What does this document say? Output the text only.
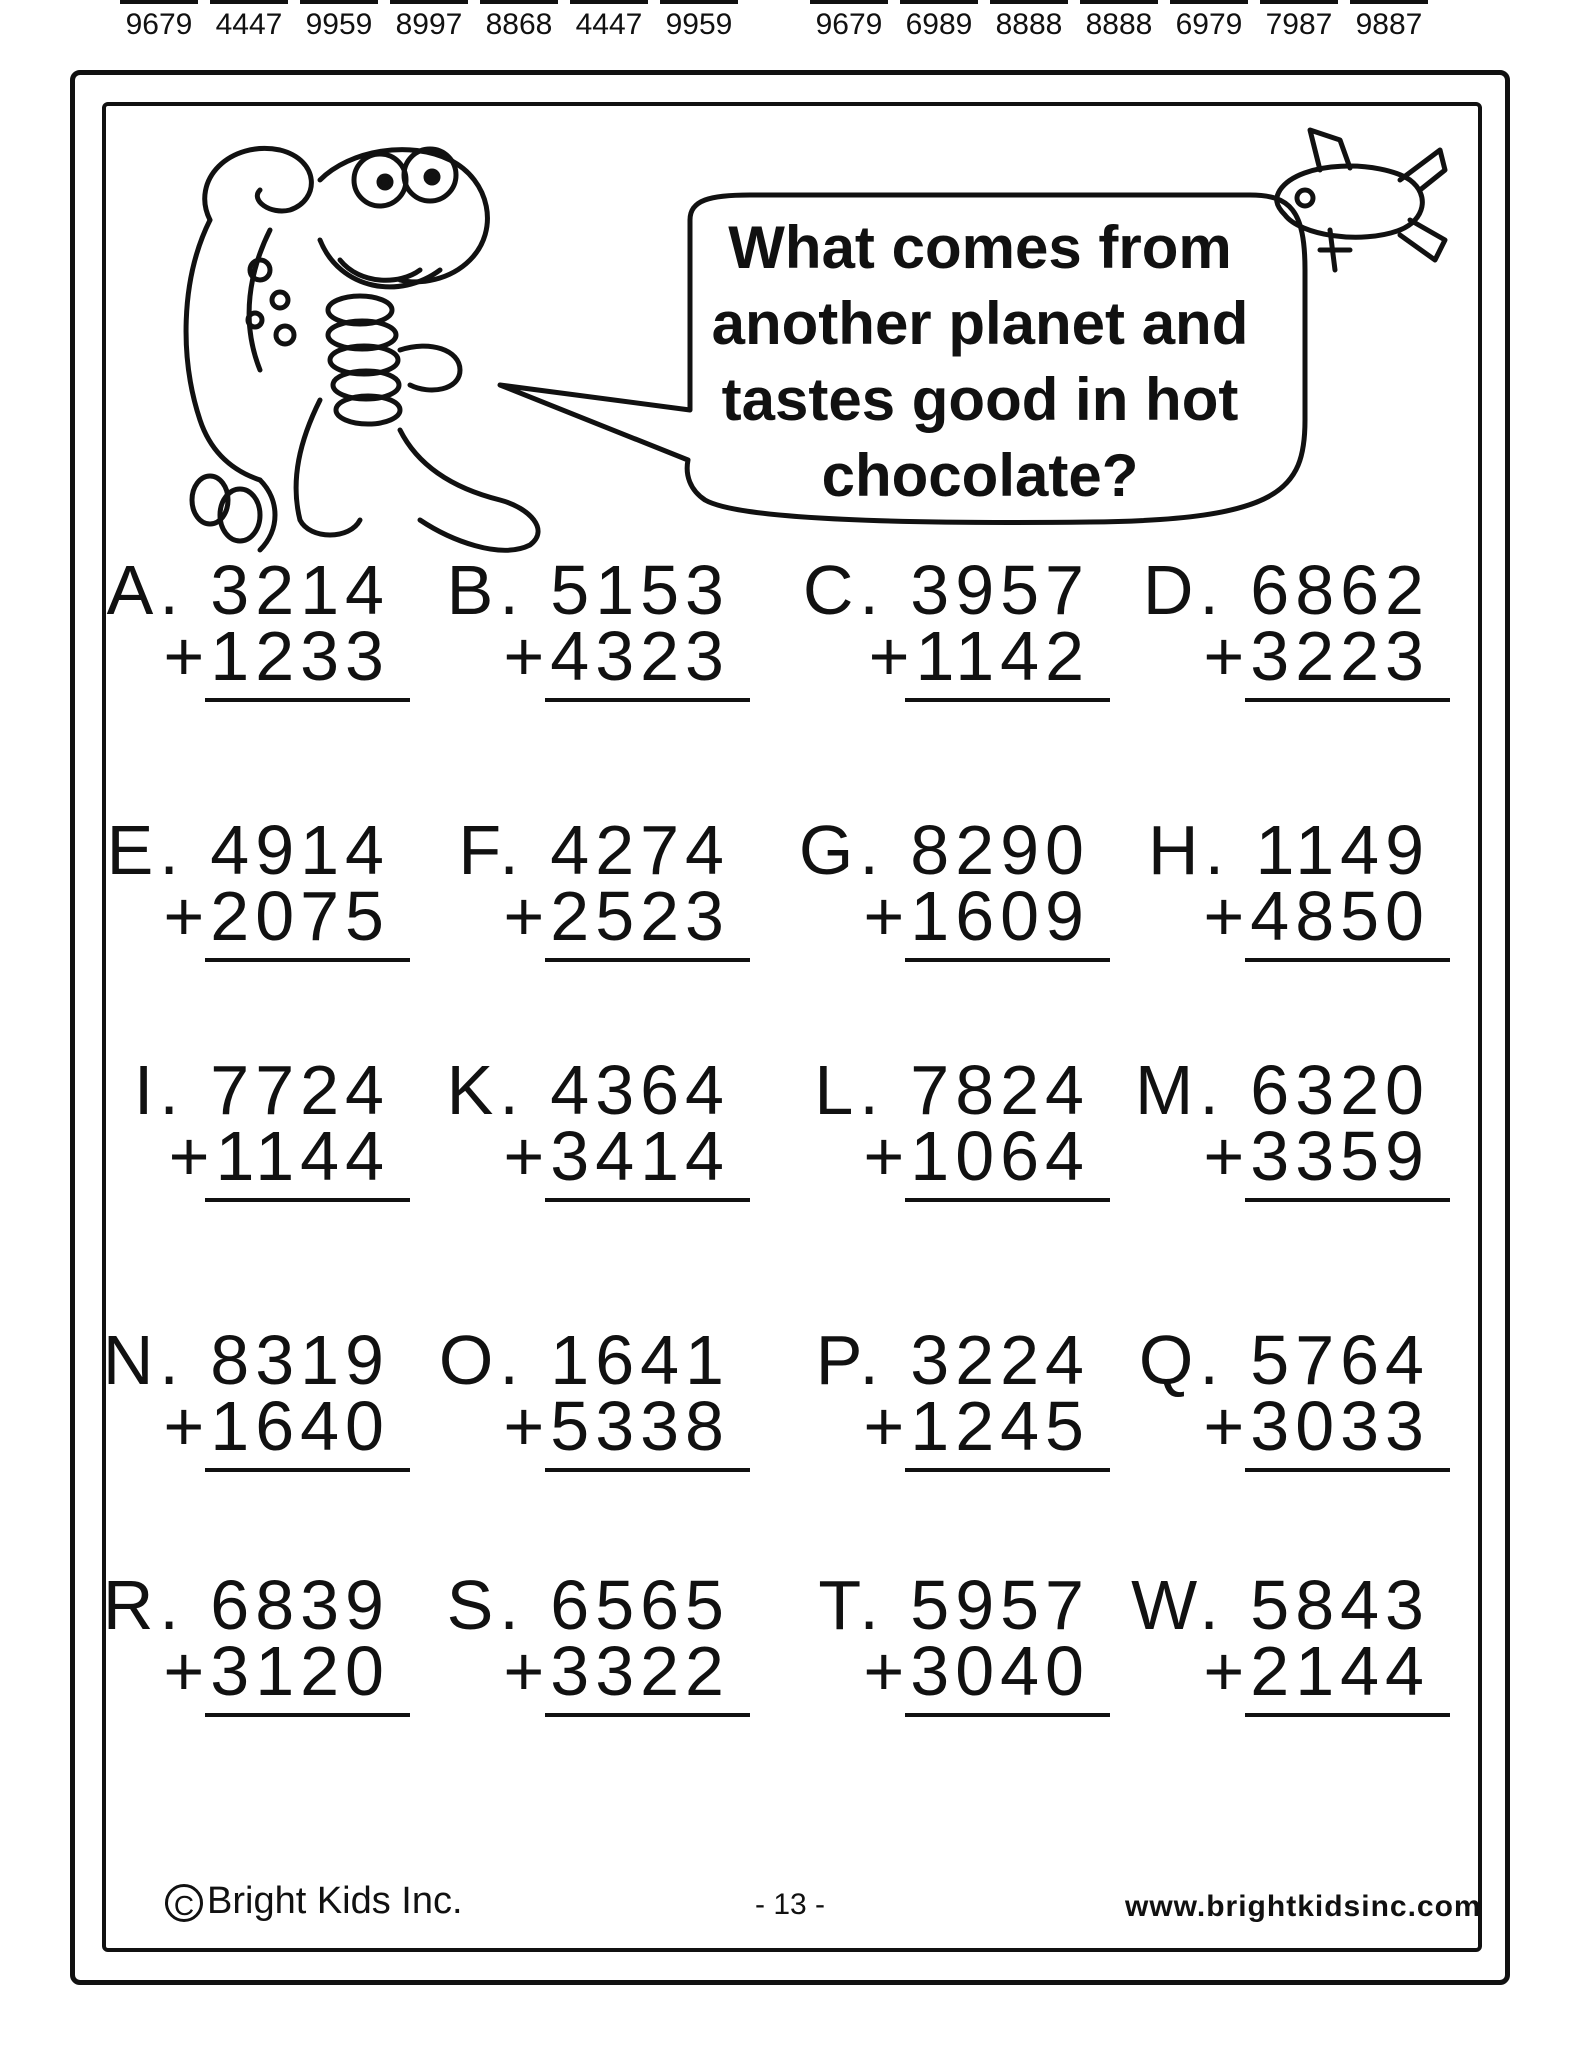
What comes from
another planet and
tastes good in hot
chocolate?
A. 3214
+1233
B. 5153
+4323
C. 3957
+1142
D. 6862
+3223
E. 4914
+2075
F. 4274
+2523
G. 8290
+1609
H. 1149
+4850
I. 7724
+1144
K. 4364
+3414
L. 7824
+1064
M. 6320
+3359
N. 8319
+1640
O. 1641
+5338
P. 3224
+1245
Q. 5764
+3033
R. 6839
+3120
S. 6565
+3322
T. 5957
+3040
W. 5843
+2144
9679 4447 9959 8997 8868 4447 9959	9679 6989 8888 8888 6979 7987 9887
C Bright Kids Inc.	- 13 -	www.brightkidsinc.com
